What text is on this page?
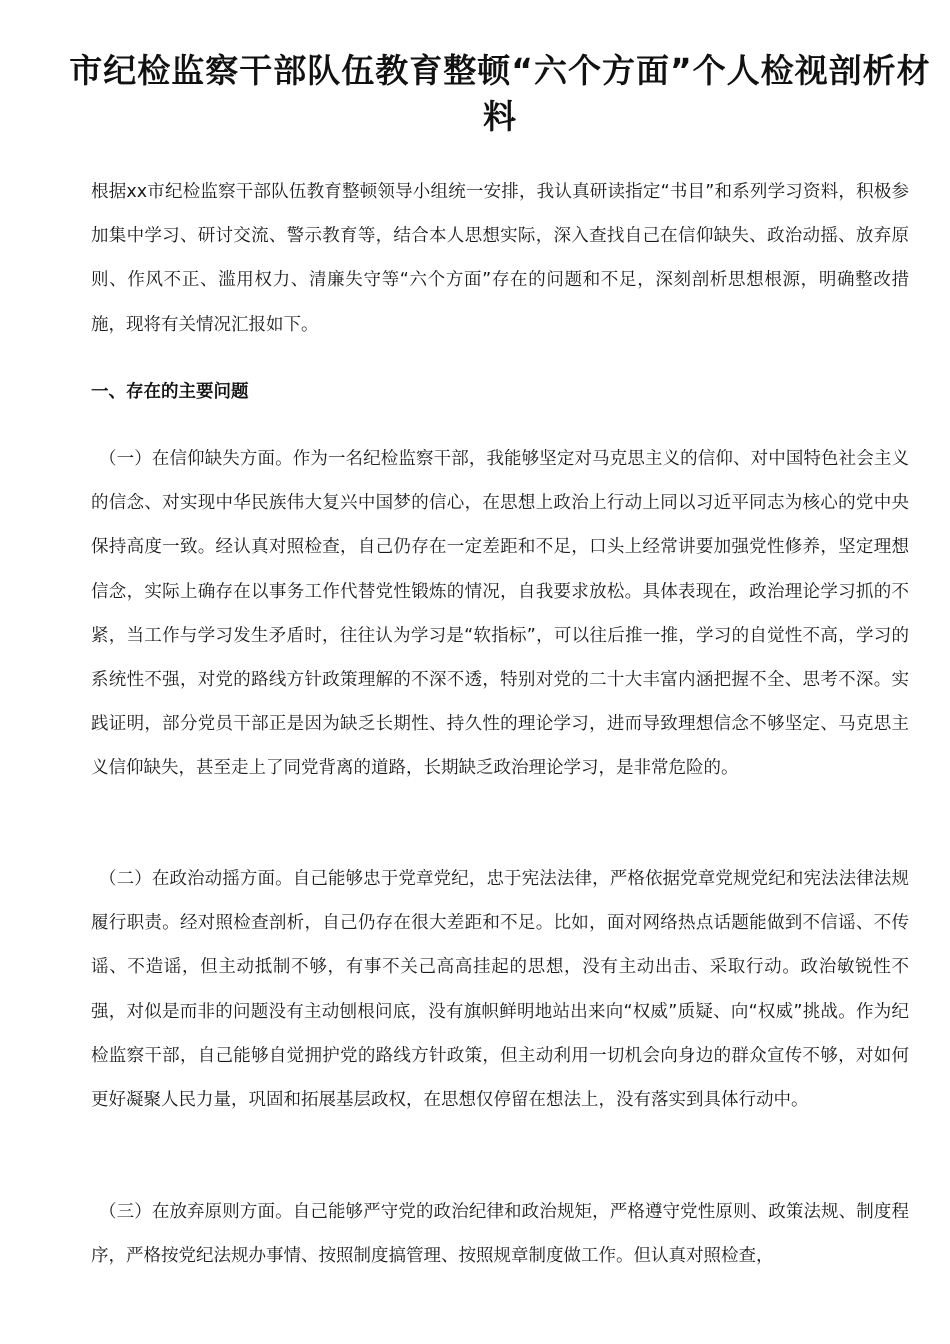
市纪检监察干部队伍教育整顿“六个方面”个人检视剖析材料

根据xx市纪检监察干部队伍教育整顿领导小组统一安排，我认真研读指定“书目”和系列学习资料，积极参加集中学习、研讨交流、警示教育等，结合本人思想实际，深入查找自己在信仰缺失、政治动摇、放弃原则、作风不正、滥用权力、清廉失守等“六个方面”存在的问题和不足，深刻剖析思想根源，明确整改措施，现将有关情况汇报如下。

一、存在的主要问题

（一）在信仰缺失方面。作为一名纪检监察干部，我能够坚定对马克思主义的信仰、对中国特色社会主义的信念、对实现中华民族伟大复兴中国梦的信心，在思想上政治上行动上同以习近平同志为核心的党中央保持高度一致。经认真对照检查，自己仍存在一定差距和不足，口头上经常讲要加强党性修养，坚定理想信念，实际上确存在以事务工作代替党性锻炼的情况，自我要求放松。具体表现在，政治理论学习抓的不紧，当工作与学习发生矛盾时，往往认为学习是“软指标”，可以往后推一推，学习的自觉性不高，学习的系统性不强，对党的路线方针政策理解的不深不透，特别对党的二十大丰富内涵把握不全、思考不深。实践证明，部分党员干部正是因为缺乏长期性、持久性的理论学习，进而导致理想信念不够坚定、马克思主义信仰缺失，甚至走上了同党背离的道路，长期缺乏政治理论学习，是非常危险的。

（二）在政治动摇方面。自己能够忠于党章党纪，忠于宪法法律，严格依据党章党规党纪和宪法法律法规履行职责。经对照检查剖析，自己仍存在很大差距和不足。比如，面对网络热点话题能做到不信谣、不传谣、不造谣，但主动抵制不够，有事不关己高高挂起的思想，没有主动出击、采取行动。政治敏锐性不强，对似是而非的问题没有主动刨根问底，没有旗帜鲜明地站出来向“权威”质疑、向“权威”挑战。作为纪检监察干部，自己能够自觉拥护党的路线方针政策，但主动利用一切机会向身边的群众宣传不够，对如何更好凝聚人民力量，巩固和拓展基层政权，在思想仅停留在想法上，没有落实到具体行动中。

（三）在放弃原则方面。自己能够严守党的政治纪律和政治规矩，严格遵守党性原则、政策法规、制度程序，严格按党纪法规办事情、按照制度搞管理、按照规章制度做工作。但认真对照检查，
